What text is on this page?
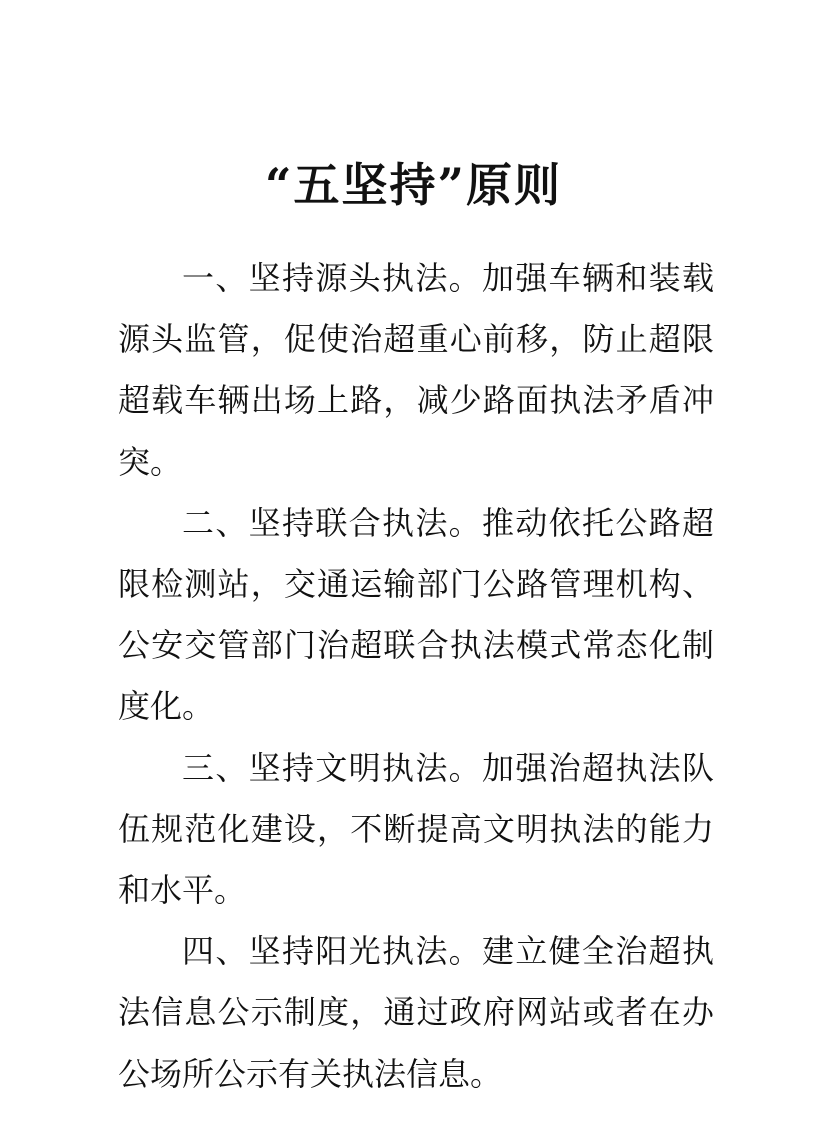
“五坚持”原则

一、坚持源头执法。加强车辆和装载源头监管，促使治超重心前移，防止超限超载车辆出场上路，减少路面执法矛盾冲突。

二、坚持联合执法。推动依托公路超限检测站，交通运输部门公路管理机构、公安交管部门治超联合执法模式常态化制度化。

三、坚持文明执法。加强治超执法队伍规范化建设，不断提高文明执法的能力和水平。

四、坚持阳光执法。建立健全治超执法信息公示制度，通过政府网站或者在办公场所公示有关执法信息。
